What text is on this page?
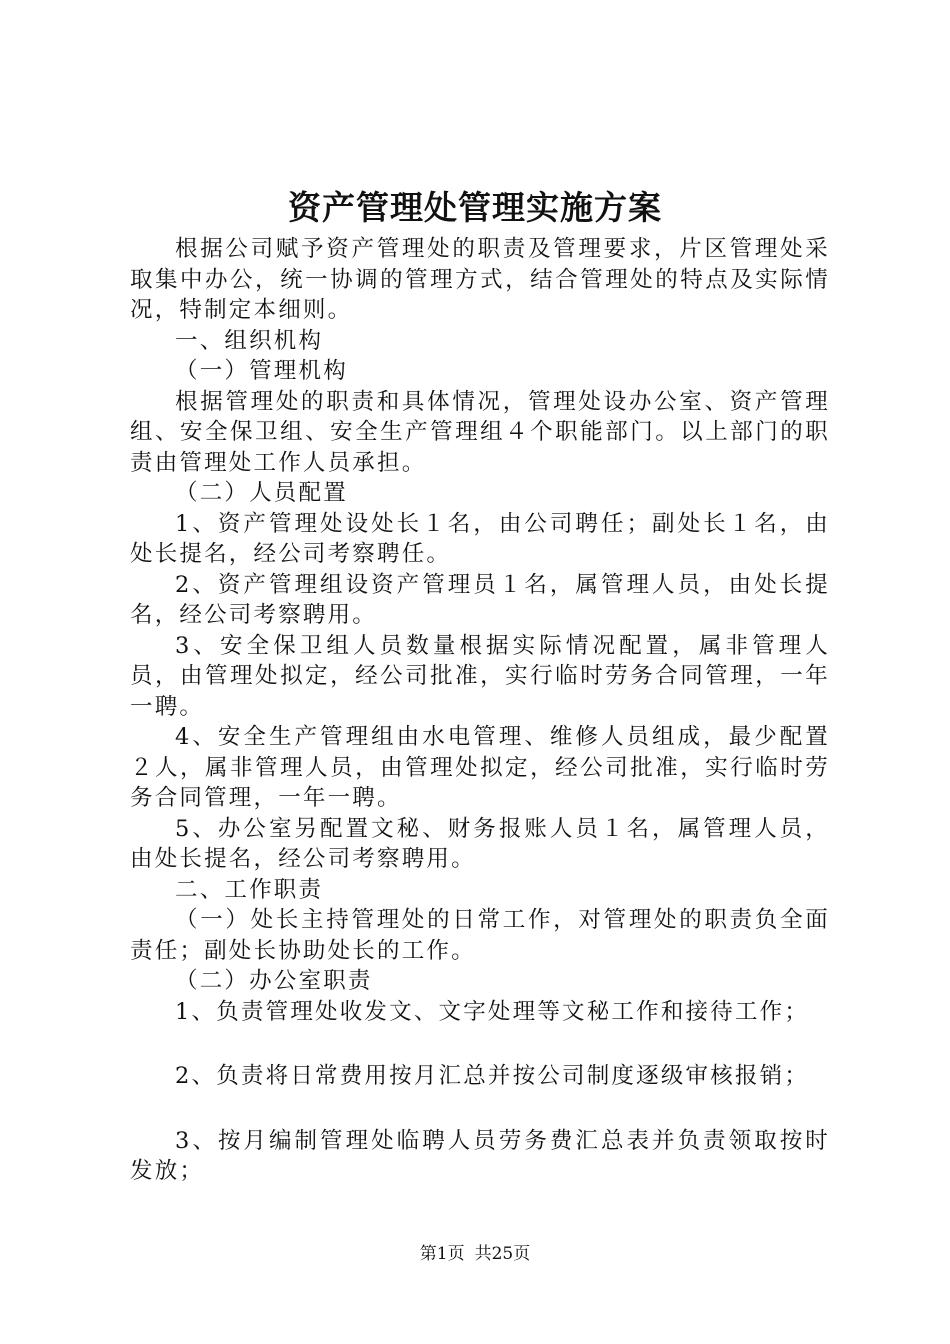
资产管理处管理实施方案

根据公司赋予资产管理处的职责及管理要求，片区管理处采取集中办公，统一协调的管理方式，结合管理处的特点及实际情况，特制定本细则。

一、组织机构

（一）管理机构

根据管理处的职责和具体情况，管理处设办公室、资产管理组、安全保卫组、安全生产管理组４个职能部门。以上部门的职责由管理处工作人员承担。

（二）人员配置

1、资产管理处设处长１名，由公司聘任；副处长１名，由处长提名，经公司考察聘任。

2、资产管理组设资产管理员１名，属管理人员，由处长提名，经公司考察聘用。

3、安全保卫组人员数量根据实际情况配置，属非管理人员，由管理处拟定，经公司批准，实行临时劳务合同管理，一年一聘。

4、安全生产管理组由水电管理、维修人员组成，最少配置２人，属非管理人员，由管理处拟定，经公司批准，实行临时劳务合同管理，一年一聘。

5、办公室另配置文秘、财务报账人员１名，属管理人员，由处长提名，经公司考察聘用。

二、工作职责

（一）处长主持管理处的日常工作，对管理处的职责负全面责任；副处长协助处长的工作。

（二）办公室职责

1、负责管理处收发文、文字处理等文秘工作和接待工作；

2、负责将日常费用按月汇总并按公司制度逐级审核报销；

3、按月编制管理处临聘人员劳务费汇总表并负责领取按时发放；

第1页 共25页
